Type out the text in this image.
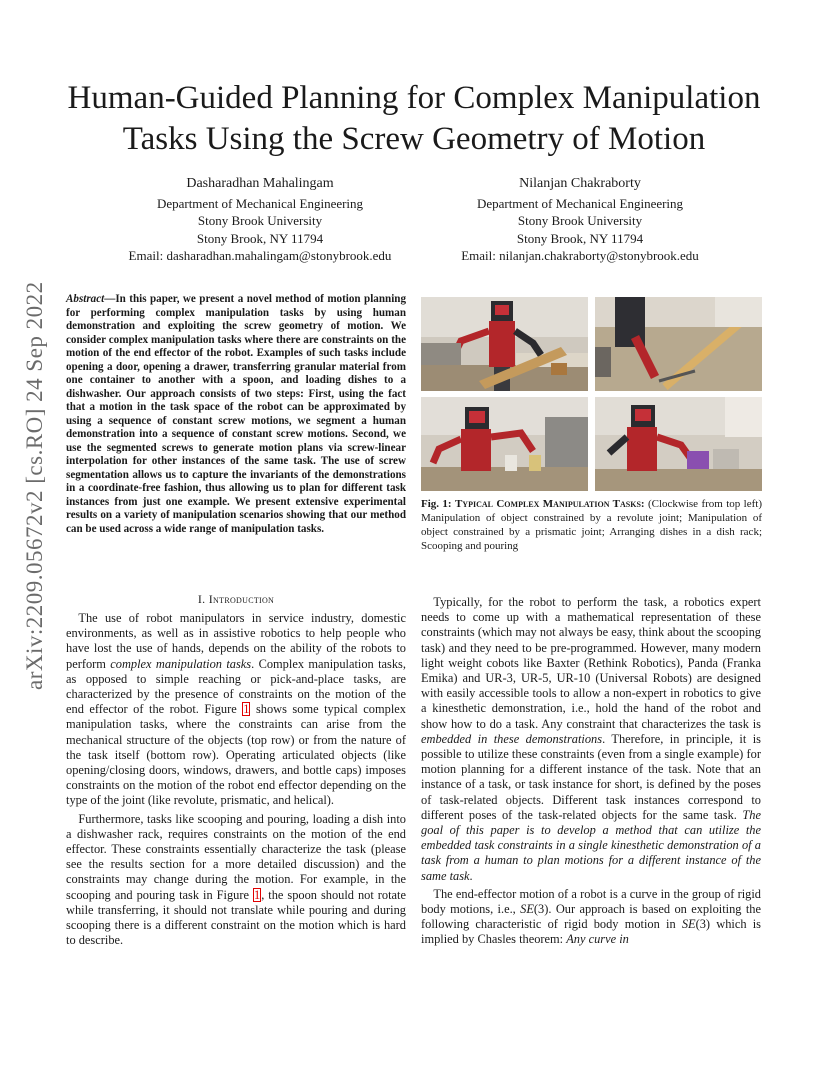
arXiv:2209.05672v2 [cs.RO] 24 Sep 2022
Human-Guided Planning for Complex Manipulation
Tasks Using the Screw Geometry of Motion
Dasharadhan Mahalingam
Department of Mechanical Engineering
Stony Brook University
Stony Brook, NY 11794
Email: dasharadhan.mahalingam@stonybrook.edu
Nilanjan Chakraborty
Department of Mechanical Engineering
Stony Brook University
Stony Brook, NY 11794
Email: nilanjan.chakraborty@stonybrook.edu
Abstract—In this paper, we present a novel method of motion planning for performing complex manipulation tasks by using human demonstration and exploiting the screw geometry of motion. We consider complex manipulation tasks where there are constraints on the motion of the end effector of the robot. Examples of such tasks include opening a door, opening a drawer, transferring granular material from one container to another with a spoon, and loading dishes to a dishwasher. Our approach consists of two steps: First, using the fact that a motion in the task space of the robot can be approximated by using a sequence of constant screw motions, we segment a human demonstration into a sequence of constant screw motions. Second, we use the segmented screws to generate motion plans via screw-linear interpolation for other instances of the same task. The use of screw segmentation allows us to capture the invariants of the demonstrations in a coordinate-free fashion, thus allowing us to plan for different task instances from just one example. We present extensive experimental results on a variety of manipulation scenarios showing that our method can be used across a wide range of manipulation tasks.
I. Introduction

The use of robot manipulators in service industry, domestic environments, as well as in assistive robotics to help people who have lost the use of hands, depends on the ability of the robots to perform complex manipulation tasks. Complex manipulation tasks, as opposed to simple reaching or pick-and-place tasks, are characterized by the presence of constraints on the motion of the end effector of the robot. Figure 1 shows some typical complex manipulation tasks, where the constraints can arise from the mechanical structure of the objects (top row) or from the nature of the task itself (bottom row). Operating articulated objects (like opening/closing doors, windows, drawers, and bottle caps) imposes constraints on the motion of the robot end effector depending on the type of the joint (like revolute, prismatic, and helical).

Furthermore, tasks like scooping and pouring, loading a dish into a dishwasher rack, requires constraints on the motion of the end effector. These constraints essentially characterize the task (please see the results section for a more detailed discussion) and the constraints may change during the motion. For example, in the scooping and pouring task in Figure 1, the spoon should not rotate while transferring, it should not translate while pouring and during scooping there is a different constraint on the motion which is hard to describe.

Fig. 1: Typical Complex Manipulation Tasks: (Clockwise from top left) Manipulation of object constrained by a revolute joint; Manipulation of object constrained by a prismatic joint; Arranging dishes in a dish rack; Scooping and pouring

Typically, for the robot to perform the task, a robotics expert needs to come up with a mathematical representation of these constraints (which may not always be easy, think about the scooping task) and they need to be pre-programmed. However, many modern light weight cobots like Baxter (Rethink Robotics), Panda (Franka Emika) and UR-3, UR-5, UR-10 (Universal Robots) are designed with easily accessible tools to allow a non-expert in robotics to give a kinesthetic demonstration, i.e., hold the hand of the robot and show how to do a task. Any constraint that characterizes the task is embedded in these demonstrations. Therefore, in principle, it is possible to utilize these constraints (even from a single example) for motion planning for a different instance of the task. Note that an instance of a task, or task instance for short, is defined by the poses of task-related objects. Different task instances correspond to different poses of the task-related objects for the same task. The goal of this paper is to develop a method that can utilize the embedded task constraints in a single kinesthetic demonstration of a task from a human to plan motions for a different instance of the same task.

The end-effector motion of a robot is a curve in the group of rigid body motions, i.e., SE(3). Our approach is based on exploiting the following characteristic of rigid body motion in SE(3) which is implied by Chasles theorem: Any curve in
